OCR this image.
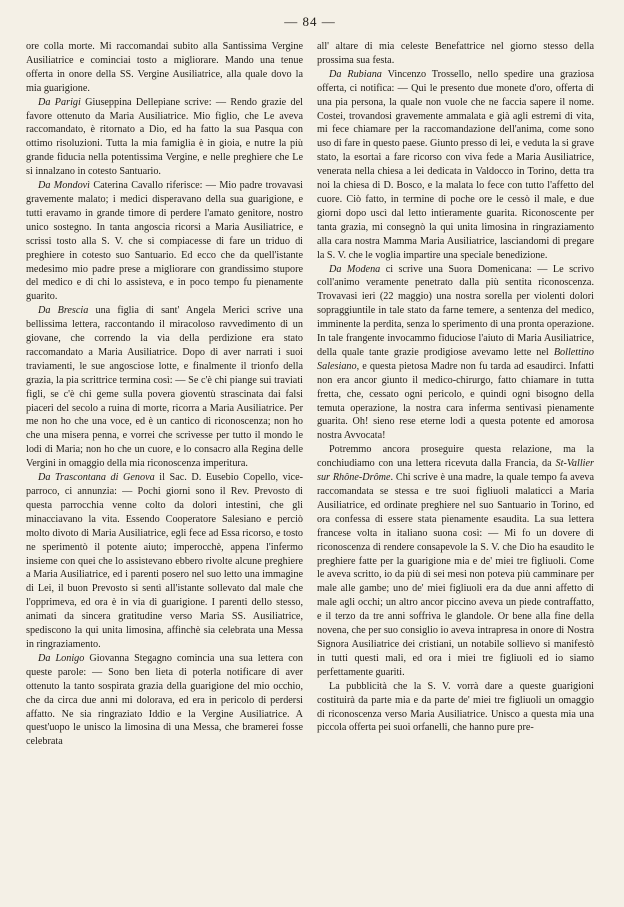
— 84 —

ore colla morte. Mi raccomandai subito alla Santissima Vergine Ausiliatrice e cominciai tosto a migliorare. Mando una tenue offerta in onore della SS. Vergine Ausiliatrice, alla quale dovo la mia guarigione.

Da Parigi Giuseppina Dellepiane scrive: — Rendo grazie del favore ottenuto da Maria Ausiliatrice. Mio figlio, che Le aveva raccomandato, è ritornato a Dio, ed ha fatto la sua Pasqua con ottimo risoluzioni. Tutta la mia famiglia è in gioia, e nutre la più grande fiducia nella potentissima Vergine, e nelle preghiere che Le si innalzano in cotesto Santuario.

Da Mondovì Caterina Cavallo riferisce: — Mio padre trovavasi gravemente malato; i medici disperavano della sua guarigione, e tutti eravamo in grande timore di perdere l'amato genitore, nostro unico sostegno. In tanta angoscia ricorsi a Maria Ausiliatrice, e scrissi tosto alla S. V. che si compiacesse di fare un triduo di preghiere in cotesto suo Santuario. Ed ecco che da quell'istante medesimo mio padre prese a migliorare con grandissimo stupore del medico e di chi lo assisteva, e in poco tempo fu pienamente guarito.

Da Brescia una figlia di sant' Angela Merici scrive una bellissima lettera, raccontando il miracoloso ravvedimento di un giovane, che correndo la via della perdizione era stato raccomandato a Maria Ausiliatrice. Dopo di aver narrati i suoi traviamenti, le sue angosciose lotte, e finalmente il trionfo della grazia, la pia scrittrice termina così: — Se c'è chi piange sui traviati figli, se c'è chi geme sulla povera gioventù strascinata dai falsi piaceri del secolo a ruina di morte, ricorra a Maria Ausiliatrice. Per me non ho che una voce, ed è un cantico di riconoscenza; non ho che una misera penna, e vorrei che scrivesse per tutto il mondo le lodi di Maria; non ho che un cuore, e lo consacro alla Regina delle Vergini in omaggio della mia riconoscenza imperitura.

Da Trascontana di Genova il Sac. D. Eusebio Copello, vice-parroco, ci annunzia: — Pochi giorni sono il Rev. Prevosto di questa parrocchia venne colto da dolori intestini, che gli minacciavano la vita. Essendo Cooperatore Salesiano e perciò molto divoto di Maria Ausiliatrice, egli fece ad Essa ricorso, e tosto ne sperimentò il potente aiuto; imperocchè, appena l'infermo insieme con quei che lo assistevano ebbero rivolte alcune preghiere a Maria Ausiliatrice, ed i parenti posero nel suo letto una immagine di Lei, il buon Prevosto si sentì all'istante sollevato dal male che l'opprimeva, ed ora è in via di guarigione. I parenti dello stesso, animati da sincera gratitudine verso Maria SS. Ausiliatrice, spediscono la qui unita limosina, affinchè sia celebrata una Messa in ringraziamento.

Da Lonigo Giovanna Stegagno comincia una sua lettera con queste parole: — Sono ben lieta di poterla notificare di aver ottenuto la tanto sospirata grazia della guarigione del mio occhio, che da circa due anni mi doloravа, ed era in pericolo di perdersi affatto. Ne sia ringraziato Iddio e la Vergine Ausiliatrice. A quest'uopo le unisco la limosina di una Messa, che bramerei fosse celebrata

all' altare di mia celeste Benefattrice nel giorno stesso della prossima sua festa.

Da Rubiana Vincenzo Trossello, nello spedire una graziosa offerta, ci notifica: — Qui le presento due monete d'oro, offerta di una pia persona, la quale non vuole che ne faccia sapere il nome. Costei, trovandosi gravemente ammalata e già agli estremi di vita, mi fece chiamare per la raccomandazione dell'anima, come sono uso di fare in questo paese. Giunto presso di lei, e veduta la si grave stato, la esortai a fare ricorso con viva fede a Maria Ausiliatrice, venerata nella chiesa a lei dedicata in Valdocco in Torino, detta tra noi la chiesa di D. Bosco, e la malata lo fece con tutto l'affetto del cuore. Ciò fatto, in termine di poche ore le cessò il male, e due giorni dopo uscì dal letto intieramente guarita. Riconoscente per tanta grazia, mi consegnò la qui unita limosina in ringraziamento alla cara nostra Mamma Maria Ausiliatrice, lasciandomi di pregare la S. V. che le voglia impartire una speciale benedizione.

Da Modena ci scrive una Suora Domenicana: — Le scrivo coll'animo veramente penetrato dalla più sentita riconoscenza. Trovavasi ieri (22 maggio) una nostra sorella per violenti dolori sopraggiuntile in tale stato da farne temere, a sentenza del medico, imminente la perdita, senza lo sperimento di una pronta operazione. In tale frangente invocammo fiduciose l'aiuto di Maria Ausiliatrice, della quale tante grazie prodigiose avevamo lette nel Bollettino Salesiano, e questa pietosa Madre non fu tarda ad esaudirci. Infatti non era ancor giunto il medico-chirurgo, fatto chiamare in tutta fretta, che, cessato ogni pericolo, e quindi ogni bisogno della temuta operazione, la nostra cara inferma sentivasi pienamente guarita. Oh! sieno rese eterne lodi a questa potente ed amorosa nostra Avvocata!

Potremmo ancora proseguire questa relazione, ma la conchiudiamo con una lettera ricevuta dalla Francia, da St-Vallier sur Rhône-Drôme. Chi scrive è una madre, la quale tempo fa aveva raccomandata se stessa e tre suoi figliuoli malaticci a Maria Ausiliatrice, ed ordinate preghiere nel suo Santuario in Torino, ed ora confessa di essere stata pienamente esaudita. La sua lettera francese volta in italiano suona così: — Mi fo un dovere di riconoscenza di rendere consapevole la S. V. che Dio ha esaudito le preghiere fatte per la guarigione mia e de' miei tre figliuoli. Come le aveva scritto, io da più di sei mesi non poteva più camminare per male alle gambe; uno de' miei figliuoli era da due anni affetto di male agli occhi; un altro ancor piccino aveva un piede contraffatto, e il terzo da tre anni soffriva le glandole. Or bene alla fine della novena, che per suo consiglio io aveva intrapresa in onore di Nostra Signora Ausiliatrice dei cristiani, un notabile sollievo si manifestò in tutti questi mali, ed ora i miei tre figliuoli ed io siamo perfettamente guariti.

La pubblicità che la S. V. vorrà dare a queste guarigioni costituirà da parte mia e da parte de' miei tre figliuoli un omaggio di riconoscenza verso Maria Ausiliatrice. Unisco a questa mia una piccola offerta pei suoi orfanelli, che hanno pure pre-
